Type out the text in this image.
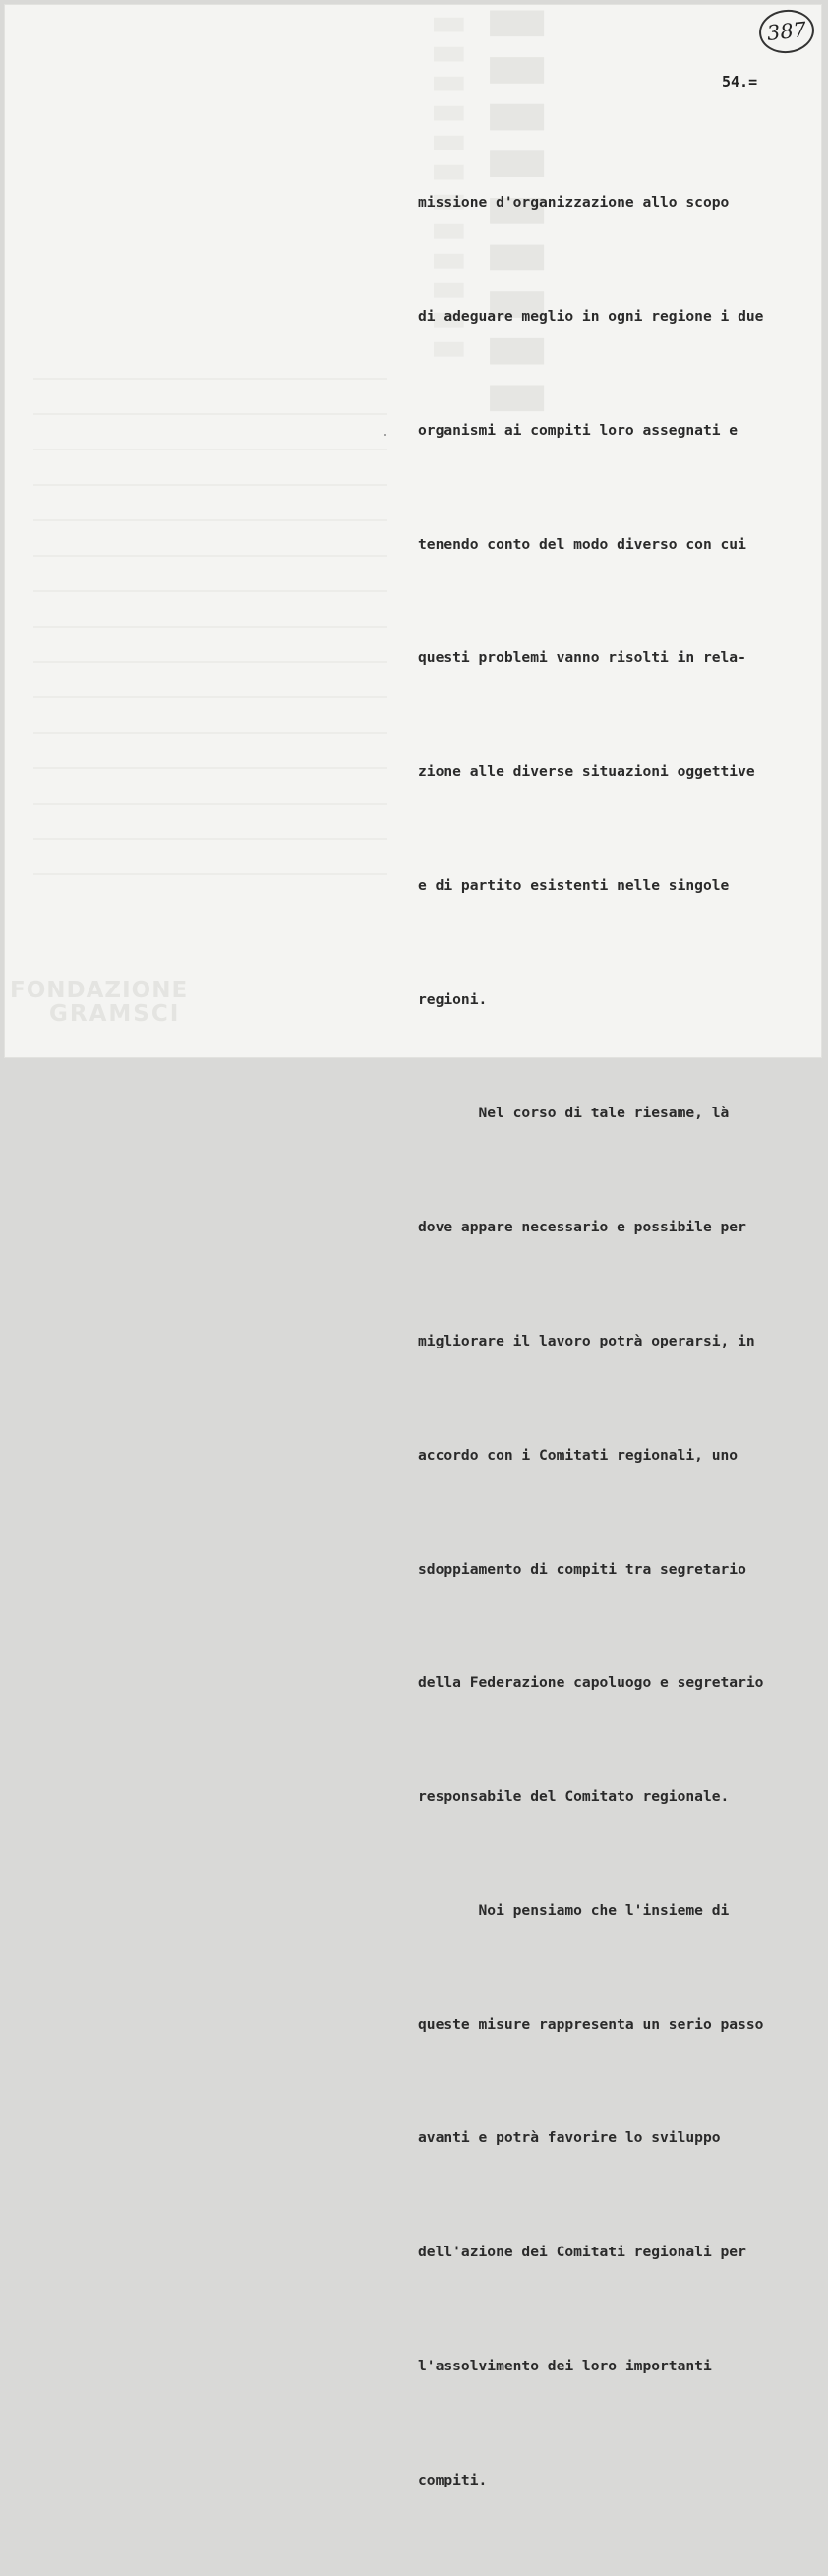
▮▮▮▮▮▮▮▮▮
▮▮▮▮▮▮▮▮▮▮▮▮	387
54.=

missione d'organizzazione allo scopo

di adeguare meglio in ogni regione i due

organismi ai compiti loro assegnati e

tenendo conto del modo diverso con cui

questi problemi vanno risolti in rela-

zione alle diverse situazioni oggettive

e di partito esistenti nelle singole

regioni.

Nel corso di tale riesame, là

dove appare necessario e possibile per

migliorare il lavoro potrà operarsi, in

accordo con i Comitati regionali, uno

sdoppiamento di compiti tra segretario

della Federazione capoluogo e segretario

responsabile del Comitato regionale.

Noi pensiamo che l'insieme di

queste misure rappresenta un serio passo

avanti e potrà favorire lo sviluppo

dell'azione dei Comitati regionali per

l'assolvimento dei loro importanti

compiti.

FONDAZIONE
GRAMSCI
